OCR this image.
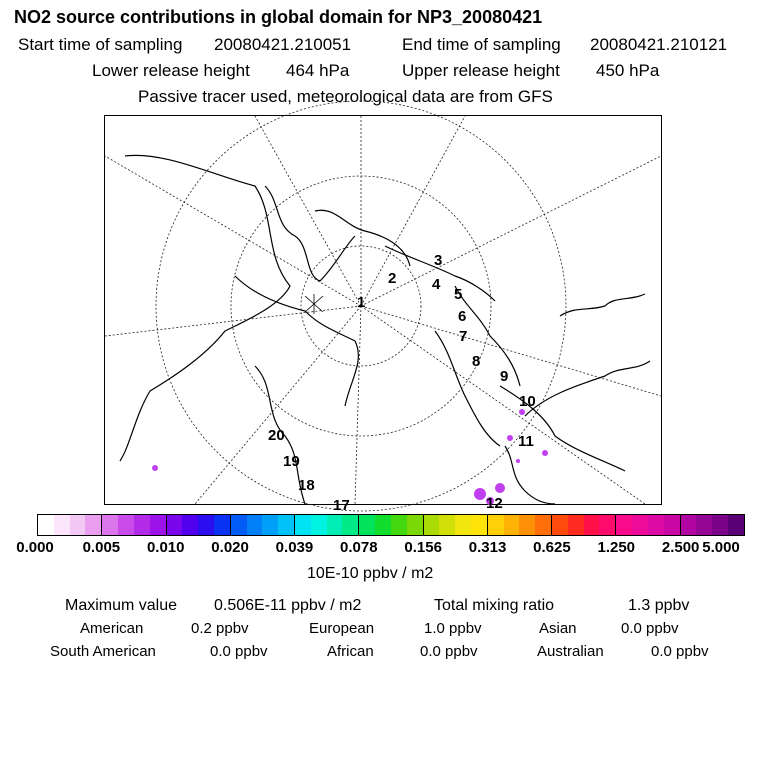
NO2 source contributions in global domain for NP3_20080421
Start time of sampling 20080421.210051	End time of sampling 20080421.210121
Lower release height 464 hPa	Upper release height 450 hPa
Passive tracer used, meteorological data are from GFS
1
2
3
4
5
6
7
8
9
10
11
12
17
18
19
20
0.000 0.005 0.010 0.020 0.039 0.078 0.156 0.313 0.625 1.250 2.500 5.000
10E-10 ppbv / m2
Maximum value 0.506E-11 ppbv / m2	Total mixing ratio	1.3 ppbv
American	0.2 ppbv	European	1.0 ppbv	Asian	0.0 ppbv
South American	0.0 ppbv	African	0.0 ppbv	Australian	0.0 ppbv
